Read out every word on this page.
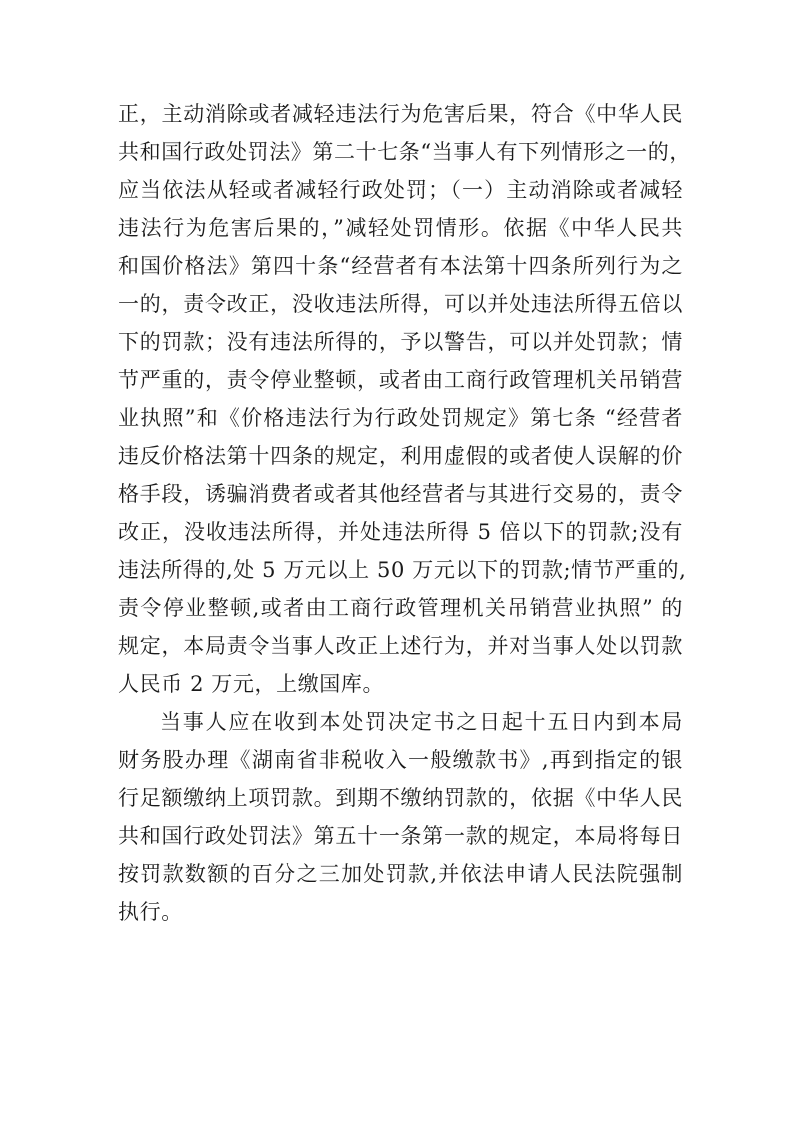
正，主动消除或者减轻违法行为危害后果，符合《中华人民
共和国行政处罚法》第二十七条“当事人有下列情形之一的，
应当依法从轻或者减轻行政处罚；（一）主动消除或者减轻
违法行为危害后果的，”减轻处罚情形。依据《中华人民共
和国价格法》第四十条“经营者有本法第十四条所列行为之
一的，责令改正，没收违法所得，可以并处违法所得五倍以
下的罚款；没有违法所得的，予以警告，可以并处罚款；情
节严重的，责令停业整顿，或者由工商行政管理机关吊销营
业执照”和《价格违法行为行政处罚规定》第七条 “经营者
违反价格法第十四条的规定，利用虚假的或者使人误解的价
格手段，诱骗消费者或者其他经营者与其进行交易的，责令
改正，没收违法所得，并处违法所得 5 倍以下的罚款;没有
违法所得的,处 5 万元以上 50 万元以下的罚款;情节严重的,
责令停业整顿,或者由工商行政管理机关吊销营业执照” 的
规定，本局责令当事人改正上述行为，并对当事人处以罚款
人民币 2 万元，上缴国库。
当事人应在收到本处罚决定书之日起十五日内到本局
财务股办理《湖南省非税收入一般缴款书》,再到指定的银
行足额缴纳上项罚款。到期不缴纳罚款的，依据《中华人民
共和国行政处罚法》第五十一条第一款的规定，本局将每日
按罚款数额的百分之三加处罚款,并依法申请人民法院强制
执行。
